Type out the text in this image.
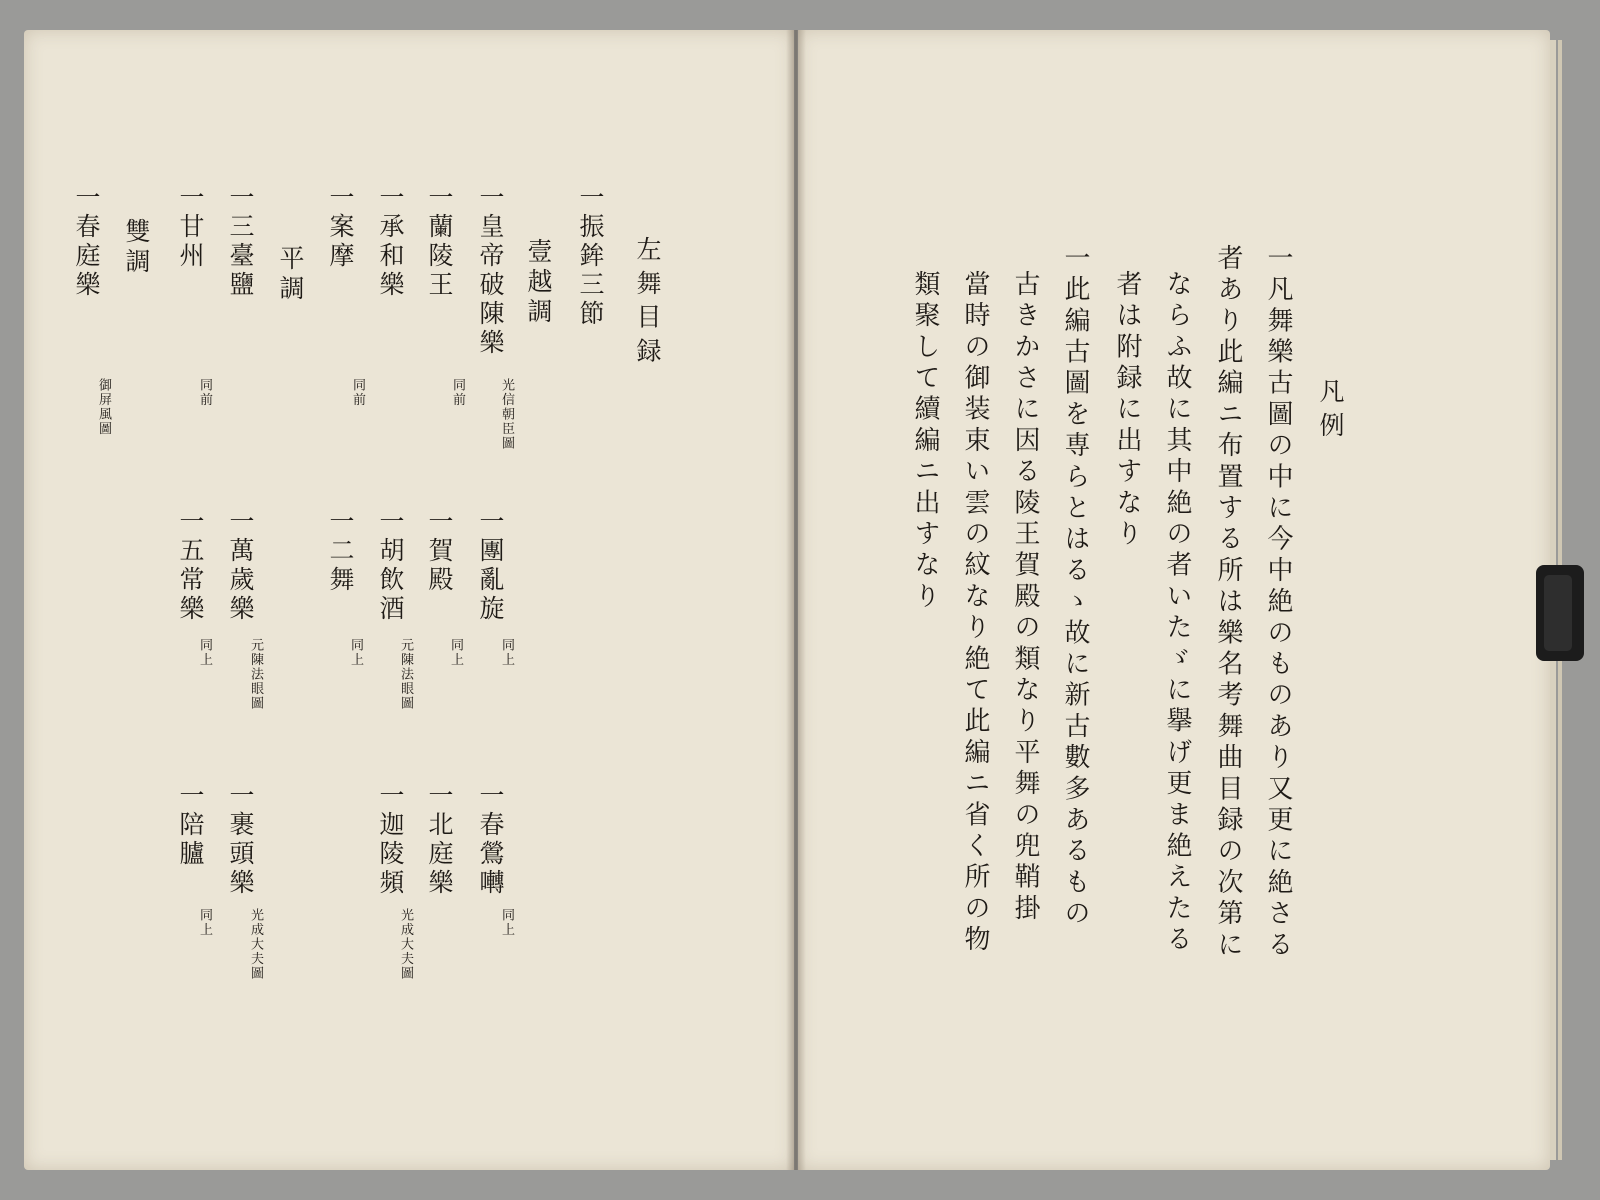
左舞目録
一振鉾三節
壹越調
一皇帝破陳樂
光信朝臣圖
一蘭陵王
同前
一承和樂
一案摩
同前
平調
一三臺鹽
一甘州
同前
雙調
一春庭樂
御屏風圖
一團亂旋
同上
一賀殿
同上
一胡飲酒
元陳法眼圖
一二舞
同上
一萬歲樂
元陳法眼圖
一五常樂
同上
一春鶯囀
同上
一北庭樂
一迦陵頻
光成大夫圖
一裹頭樂
光成大夫圖
一陪臚
同上
凡例
一凡舞樂古圖の中に今中絶のものあり又更に絶さる
者あり此編ニ布置する所は樂名考舞曲目録の次第に
ならふ故に其中絶の者いたゞに擧げ更ま絶えたる
者は附録に出すなり
一此編古圖を専らとはるゝ故に新古數多あるもの
古きかさに因る陵王賀殿の類なり平舞の兜鞘掛
當時の御装束い雲の紋なり絶て此編ニ省く所の物
類聚して續編ニ出すなり
